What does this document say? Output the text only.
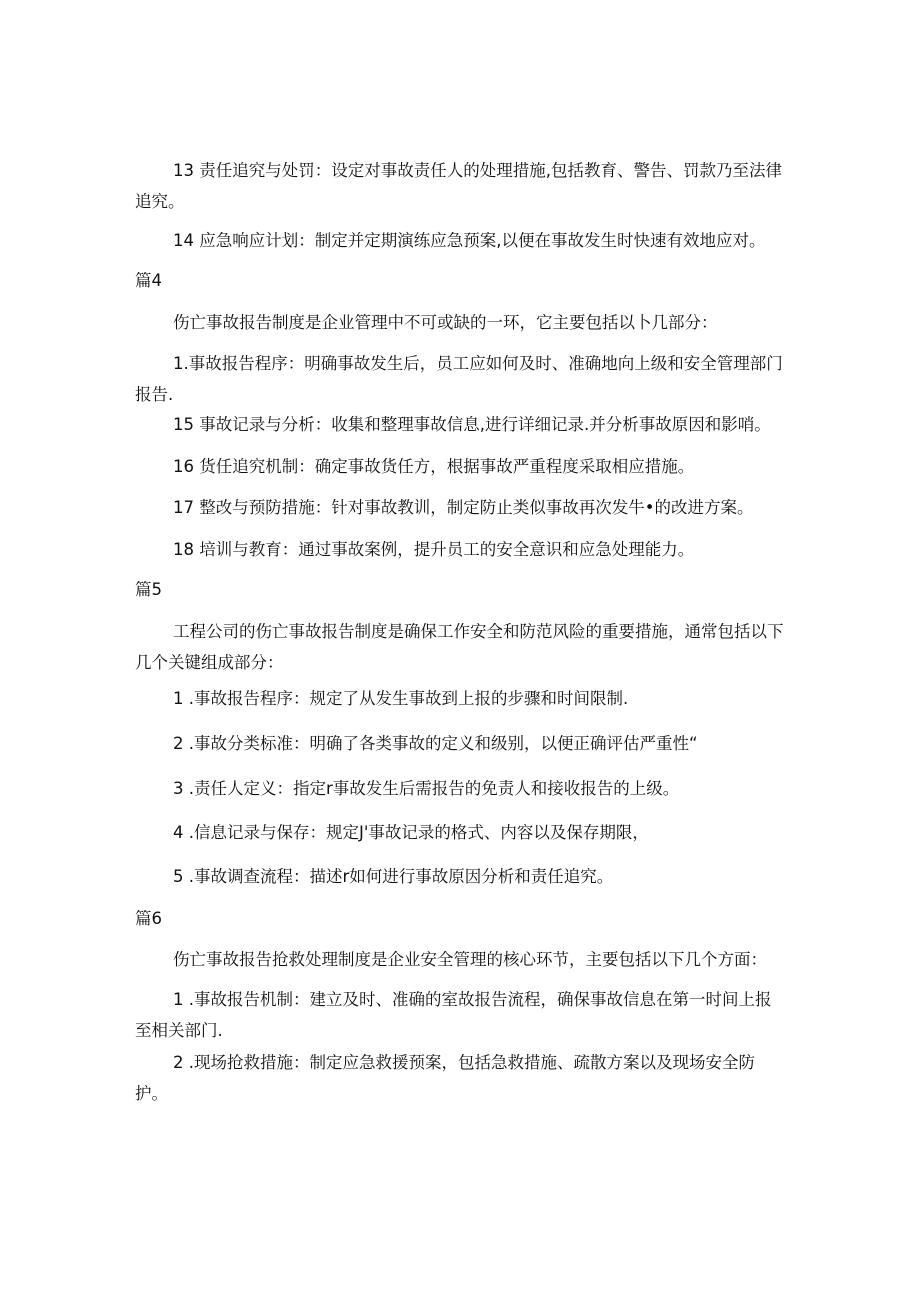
13 责任追究与处罚：设定对事故责任人的处理措施,包括教育、警告、罚款乃至法律追究。

14 应急响应计划：制定并定期演练应急预案,以便在事故发生时快速有效地应对。

篇4

伤亡事故报告制度是企业管理中不可或缺的一环，它主要包括以卜几部分：

1.事故报告程序：明确事故发生后，员工应如何及时、准确地向上级和安全管理部门报告.

15 事故记录与分析：收集和整理事故信息,进行详细记录.并分析事故原因和影哨。

16 货任追究机制：确定事故货任方，根据事故严重程度采取相应措施。

17 整改与预防措施：针对事故教训，制定防止类似事故再次发牛•的改进方案。

18 培训与教育：通过事故案例，提升员工的安全意识和应急处理能力。

篇5

工程公司的伤亡事故报告制度是确保工作安全和防范风险的重要措施，通常包括以下几个关键组成部分：

1 .事故报告程序：规定了从发生事故到上报的步骤和时间限制.

2 .事故分类标准：明确了各类事故的定义和级别，以便正确评估严重性“

3 .责任人定义：指定r事故发生后需报告的免责人和接收报告的上级。

4 .信息记录与保存：规定J'事故记录的格式、内容以及保存期限，

5 .事故调查流程：描述r如何进行事故原因分析和责任追究。

篇6

伤亡事故报告抢救处理制度是企业安全管理的核心环节，主要包括以下几个方面：

1 .事故报告机制：建立及时、准确的室故报告流程，确保事故信息在第一时间上报至相关部门.

2 .现场抢救措施：制定应急救援预案，包括急救措施、疏散方案以及现场安全防护。
